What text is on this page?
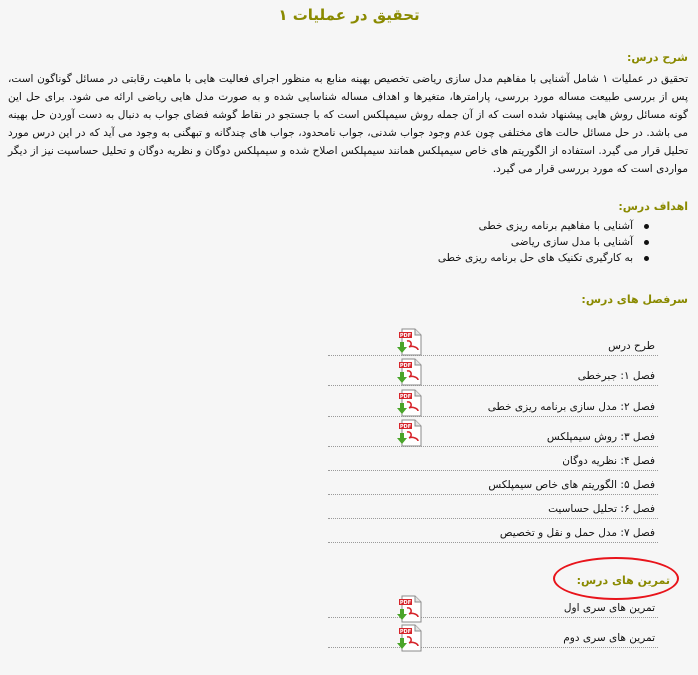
تحقیق در عملیات ۱
شرح درس:
تحقیق در عملیات ۱ شامل آشنایی با مفاهیم مدل سازی ریاضی تخصیص بهینه منابع به منظور اجرای فعالیت هایی با ماهیت رقابتی در مسائل گوناگون است، پس از بررسی طبیعت مساله مورد بررسی، پارامترها، متغیرها و اهداف مساله شناسایی شده و به صورت مدل هایی ریاضی ارائه می شود. برای حل این گونه مسائل روش هایی پیشنهاد شده است که از آن جمله روش سیمپلکس است که با جستجو در نقاط گوشه فضای جواب به دنبال به دست آوردن حل بهینه می باشد. در حل مسائل حالت های مختلفی چون عدم وجود جواب شدنی، جواب نامحدود، جواب های چندگانه و تبهگنی به وجود می آید که در این درس مورد تحلیل قرار می گیرد. استفاده از الگوریتم های خاص سیمپلکس همانند سیمپلکس اصلاح شده و سیمپلکس دوگان و نظریه دوگان و تحلیل حساسیت نیز از دیگر مواردی است که مورد بررسی قرار می گیرد.
اهداف درس:
آشنایی با مفاهیم برنامه ریزی خطی
آشنایی با مدل سازی ریاضی
به کارگیری تکنیک های حل برنامه ریزی خطی
سرفصل های درس:
طرح درس
فصل ۱: جبرخطی
فصل ۲: مدل سازی برنامه ریزی خطی
فصل ۳: روش سیمپلکس
فصل ۴: نظریه دوگان
فصل ۵: الگوریتم های خاص سیمپلکس
فصل ۶: تحلیل حساسیت
فصل ۷: مدل حمل و نقل و تخصیص
PDF
PDF
PDF
PDF
تمرین های درس:
تمرین های سری اول
تمرین های سری دوم
PDF
PDF
